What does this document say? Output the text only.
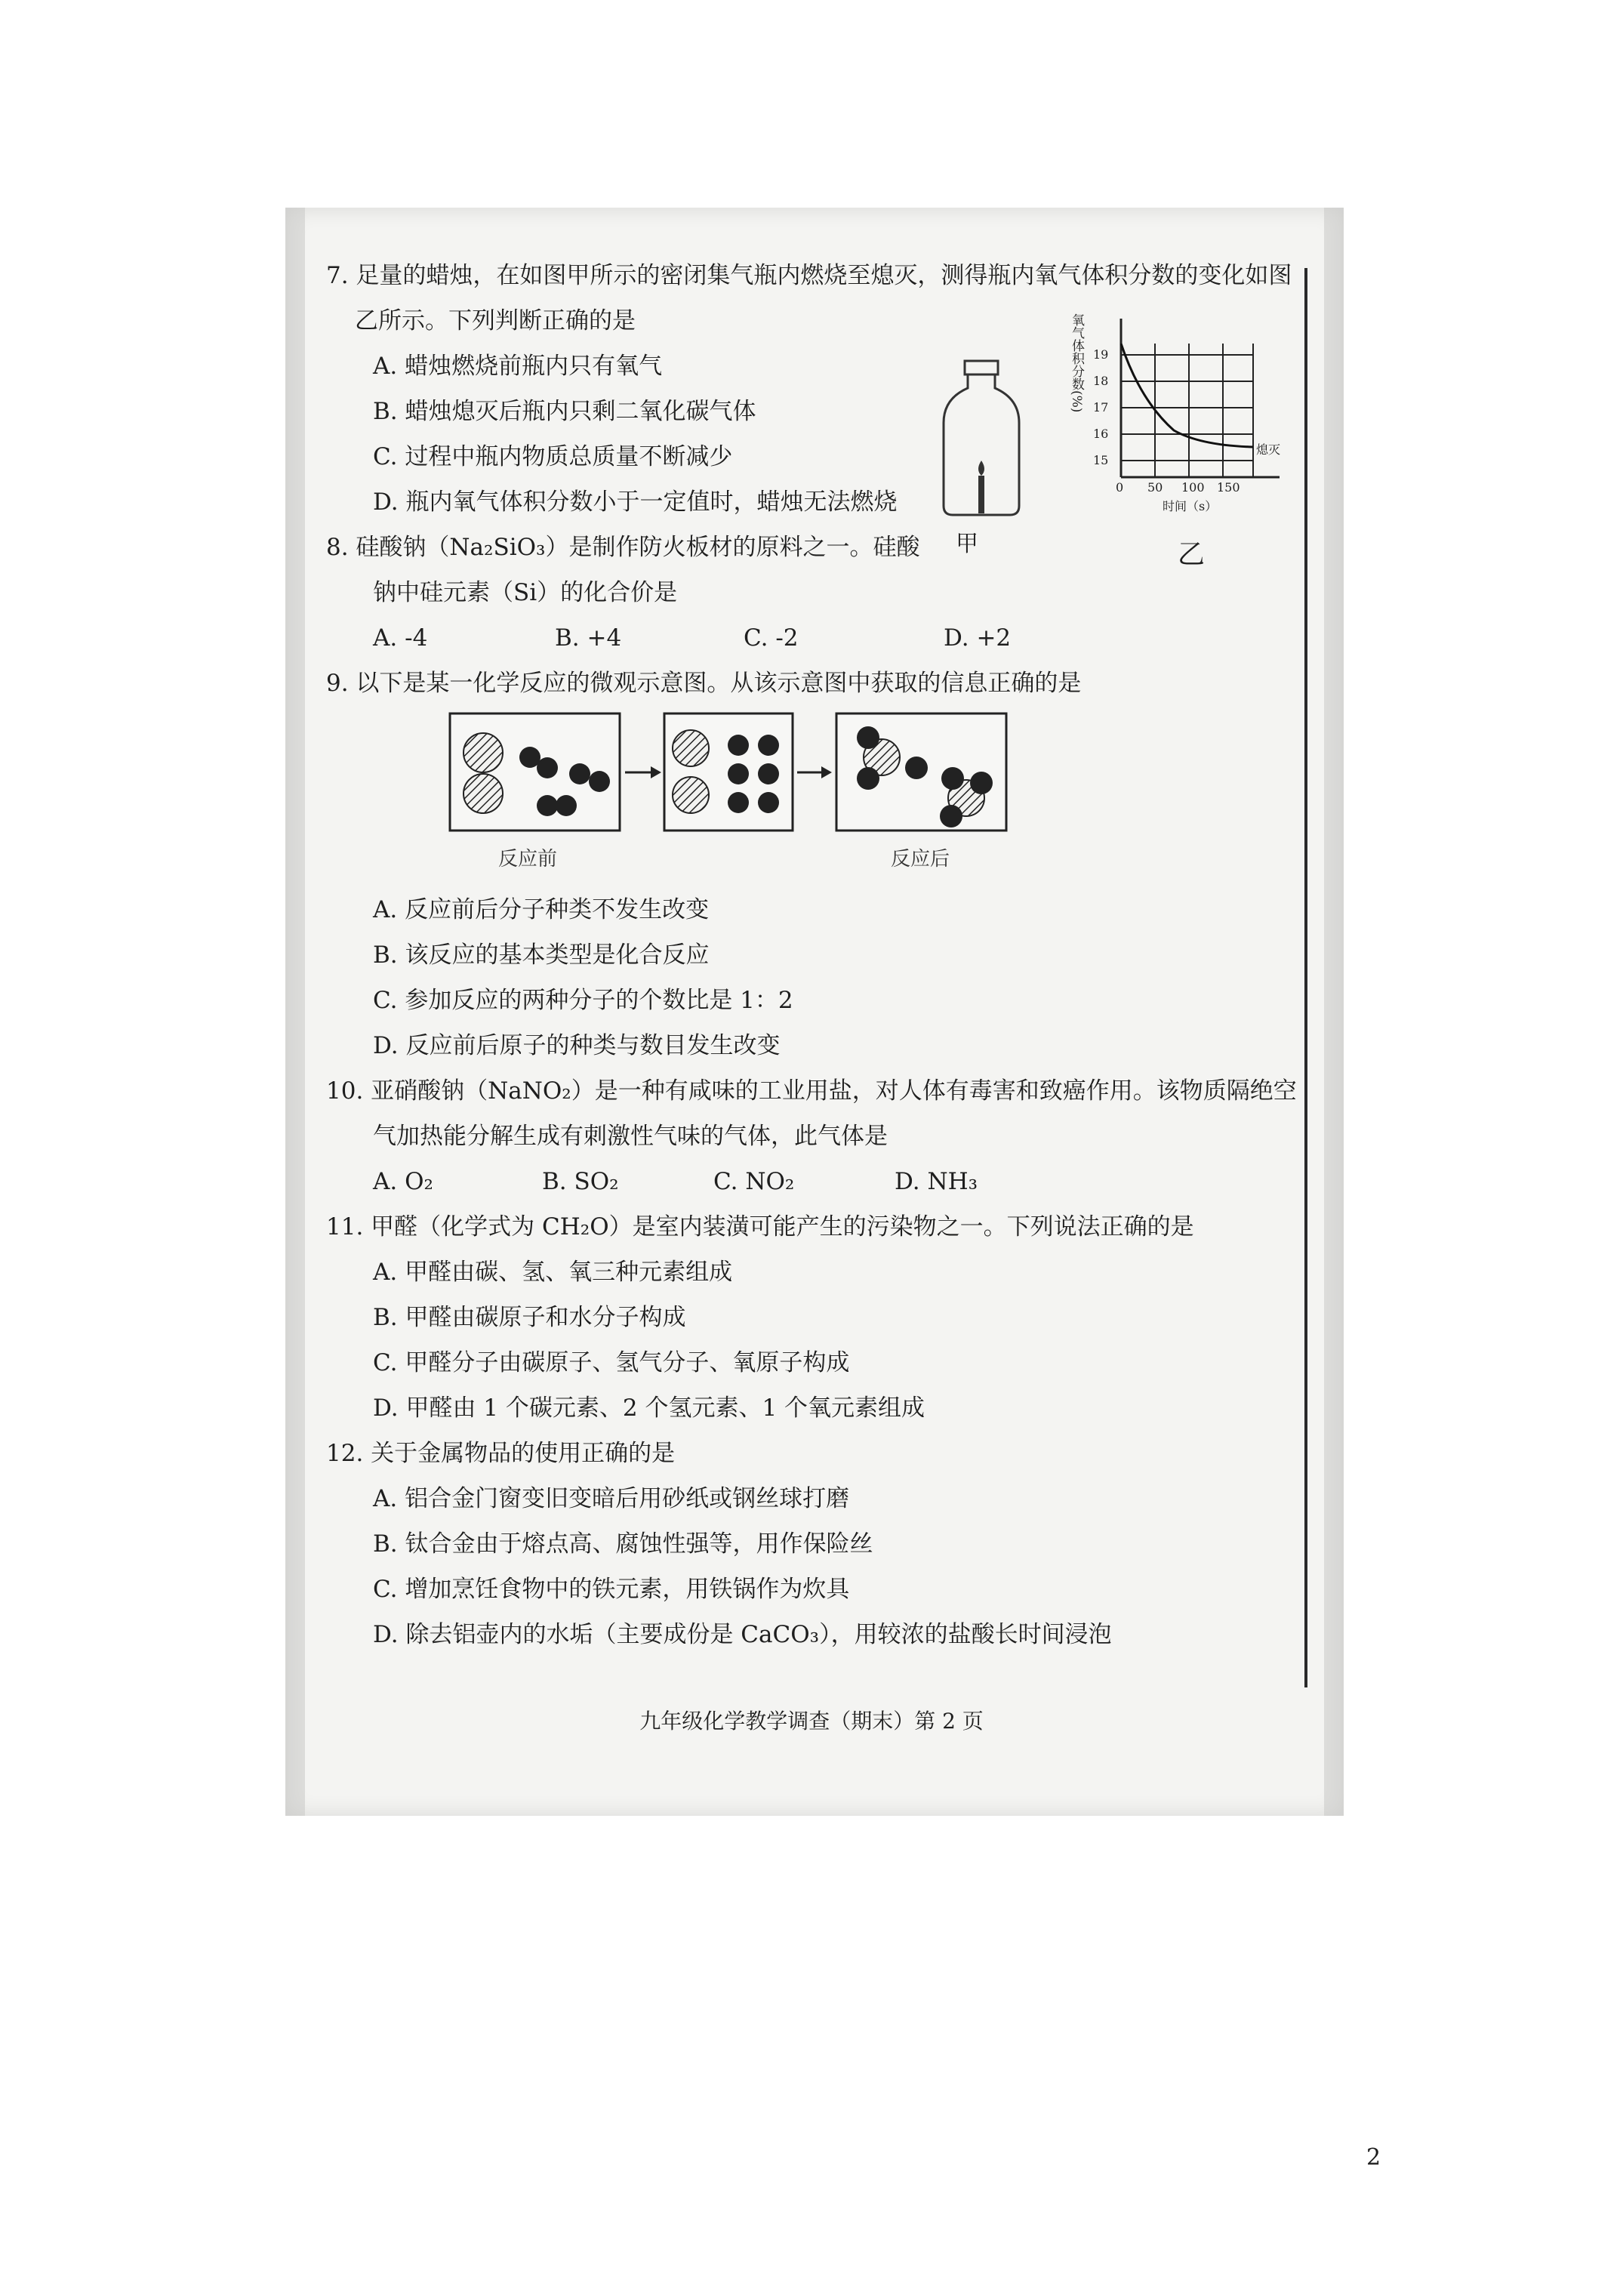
7. 足量的蜡烛，在如图甲所示的密闭集气瓶内燃烧至熄灭，测得瓶内氧气体积分数的变化如图
乙所示。下列判断正确的是
A. 蜡烛燃烧前瓶内只有氧气
B. 蜡烛熄灭后瓶内只剩二氧化碳气体
C. 过程中瓶内物质总质量不断减少
D. 瓶内氧气体积分数小于一定值时，蜡烛无法燃烧
甲
氧气体积分数(%) 19
18
17
16
15
0 50 100 150
时间（s）
熄灭
乙
8. 硅酸钠（Na₂SiO₃）是制作防火板材的原料之一。硅酸
钠中硅元素（Si）的化合价是
A. -4	B. +4	C. -2	D. +2
9. 以下是某一化学反应的微观示意图。从该示意图中获取的信息正确的是
反应前	反应后
A. 反应前后分子种类不发生改变
B. 该反应的基本类型是化合反应
C. 参加反应的两种分子的个数比是 1：2
D. 反应前后原子的种类与数目发生改变
10. 亚硝酸钠（NaNO₂）是一种有咸味的工业用盐，对人体有毒害和致癌作用。该物质隔绝空
气加热能分解生成有刺激性气味的气体，此气体是
A. O₂	B. SO₂	C. NO₂	D. NH₃
11. 甲醛（化学式为 CH₂O）是室内装潢可能产生的污染物之一。下列说法正确的是
A. 甲醛由碳、氢、氧三种元素组成
B. 甲醛由碳原子和水分子构成
C. 甲醛分子由碳原子、氢气分子、氧原子构成
D. 甲醛由 1 个碳元素、2 个氢元素、1 个氧元素组成
12. 关于金属物品的使用正确的是
A. 铝合金门窗变旧变暗后用砂纸或钢丝球打磨
B. 钛合金由于熔点高、腐蚀性强等，用作保险丝
C. 增加烹饪食物中的铁元素，用铁锅作为炊具
D. 除去铝壶内的水垢（主要成份是 CaCO₃），用较浓的盐酸长时间浸泡
九年级化学教学调查（期末）第 2 页
2
